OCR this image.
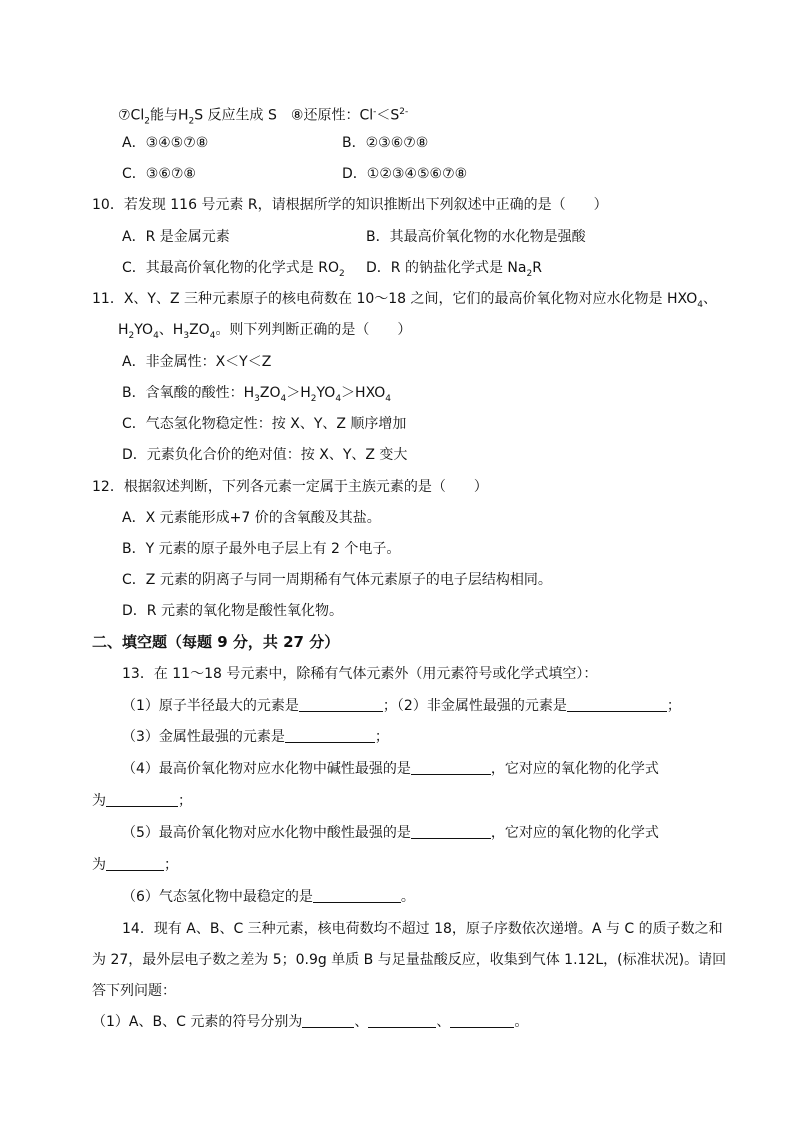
$⑦Cl_2$能与$H_2S$ 反应生成 S　⑧还原性：$Cl^-<S^{2-}$
A．③④⑤⑦⑧	B．②③⑥⑦⑧
C．③⑥⑦⑧	D．①②③④⑤⑥⑦⑧
10．若发现 116 号元素 R，请根据所学的知识推断出下列叙述中正确的是（　　）
A．R 是金属元素	B．其最高价氧化物的水化物是强酸
C．其最高价氧化物的化学式是 $RO_2$ D．R 的钠盐化学式是 $Na_2R$
11．X、Y、Z 三种元素原子的核电荷数在 10～18 之间，它们的最高价氧化物对应水化物是 $HXO_4$、
$H_2YO_4$、$H_3ZO_4$。则下列判断正确的是（　　）
A．非金属性：X＜Y＜Z
B．含氧酸的酸性：$H_3ZO_4>H_2YO_4>HXO_4$
C．气态氢化物稳定性：按 X、Y、Z 顺序增加
D．元素负化合价的绝对值：按 X、Y、Z 变大
12．根据叙述判断，下列各元素一定属于主族元素的是（　　）
A．X 元素能形成+7 价的含氧酸及其盐。
B．Y 元素的原子最外电子层上有 2 个电子。
C．Z 元素的阴离子与同一周期稀有气体元素原子的电子层结构相同。
D．R 元素的氧化物是酸性氧化物。
二、填空题（每题 9 分，共 27 分）
13．在 11～18 号元素中，除稀有气体元素外（用元素符号或化学式填空）：
（1）原子半径最大的元素是	；（2）非金属性最强的元素是	；
（3）金属性最强的元素是	；
（4）最高价氧化物对应水化物中碱性最强的是	，它对应的氧化物的化学式
为	；
（5）最高价氧化物对应水化物中酸性最强的是	，它对应的氧化物的化学式
为	；
（6）气态氢化物中最稳定的是	。
14．现有 A、B、C 三种元素，核电荷数均不超过 18，原子序数依次递增。A 与 C 的质子数之和
为 27，最外层电子数之差为 5；0.9g 单质 B 与足量盐酸反应，收集到气体 1.12L，(标准状况)。请回
答下列问题：
（1）A、B、C 元素的符号分别为	、	、	。
